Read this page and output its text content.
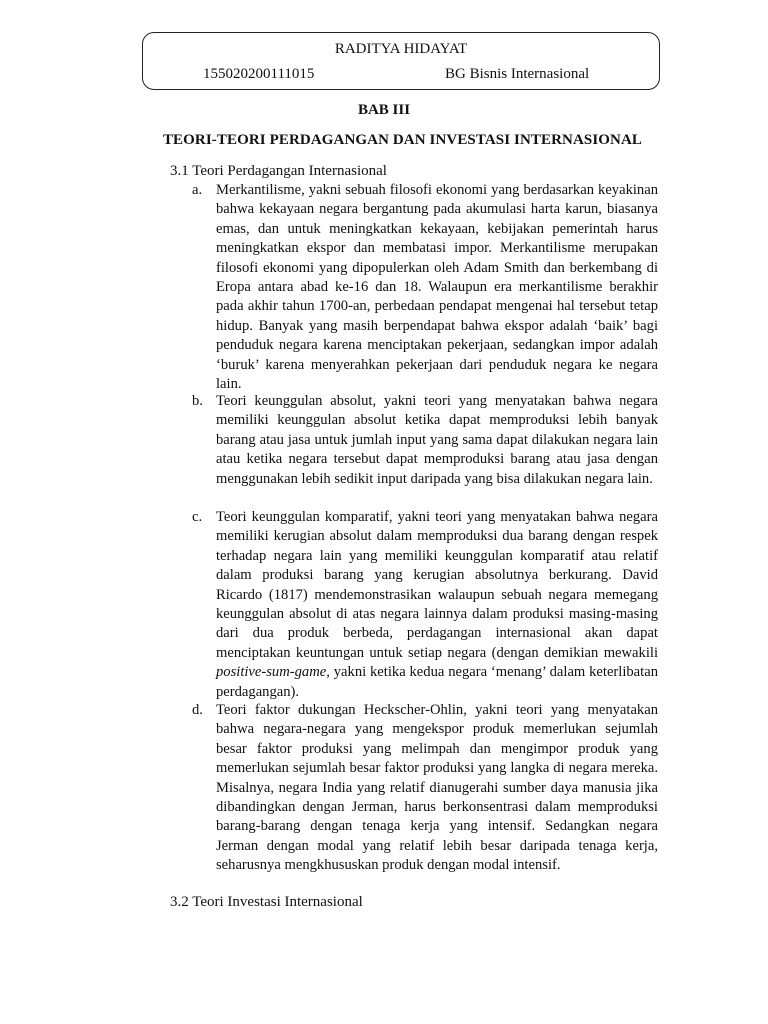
RADITYA HIDAYAT
155020200111015	BG Bisnis Internasional
BAB III
TEORI-TEORI PERDAGANGAN DAN INVESTASI INTERNASIONAL
3.1 Teori Perdagangan Internasional
a. Merkantilisme, yakni sebuah filosofi ekonomi yang berdasarkan keyakinan bahwa kekayaan negara bergantung pada akumulasi harta karun, biasanya emas, dan untuk meningkatkan kekayaan, kebijakan pemerintah harus meningkatkan ekspor dan membatasi impor. Merkantilisme merupakan filosofi ekonomi yang dipopulerkan oleh Adam Smith dan berkembang di Eropa antara abad ke-16 dan 18. Walaupun era merkantilisme berakhir pada akhir tahun 1700-an, perbedaan pendapat mengenai hal tersebut tetap hidup. Banyak yang masih berpendapat bahwa ekspor adalah ‘baik’ bagi penduduk negara karena menciptakan pekerjaan, sedangkan impor adalah ‘buruk’ karena menyerahkan pekerjaan dari penduduk negara ke negara lain.
b. Teori keunggulan absolut, yakni teori yang menyatakan bahwa negara memiliki keunggulan absolut ketika dapat memproduksi lebih banyak barang atau jasa untuk jumlah input yang sama dapat dilakukan negara lain atau ketika negara tersebut dapat memproduksi barang atau jasa dengan menggunakan lebih sedikit input daripada yang bisa dilakukan negara lain.
c. Teori keunggulan komparatif, yakni teori yang menyatakan bahwa negara memiliki kerugian absolut dalam memproduksi dua barang dengan respek terhadap negara lain yang memiliki keunggulan komparatif atau relatif dalam produksi barang yang kerugian absolutnya berkurang. David Ricardo (1817) mendemonstrasikan walaupun sebuah negara memegang keunggulan absolut di atas negara lainnya dalam produksi masing-masing dari dua produk berbeda, perdagangan internasional akan dapat menciptakan keuntungan untuk setiap negara (dengan demikian mewakili positive-sum-game, yakni ketika kedua negara ‘menang’ dalam keterlibatan perdagangan).
d. Teori faktor dukungan Heckscher-Ohlin, yakni teori yang menyatakan bahwa negara-negara yang mengekspor produk memerlukan sejumlah besar faktor produksi yang melimpah dan mengimpor produk yang memerlukan sejumlah besar faktor produksi yang langka di negara mereka. Misalnya, negara India yang relatif dianugerahi sumber daya manusia jika dibandingkan dengan Jerman, harus berkonsentrasi dalam memproduksi barang-barang dengan tenaga kerja yang intensif. Sedangkan negara Jerman dengan modal yang relatif lebih besar daripada tenaga kerja, seharusnya mengkhususkan produk dengan modal intensif.
3.2 Teori Investasi Internasional
